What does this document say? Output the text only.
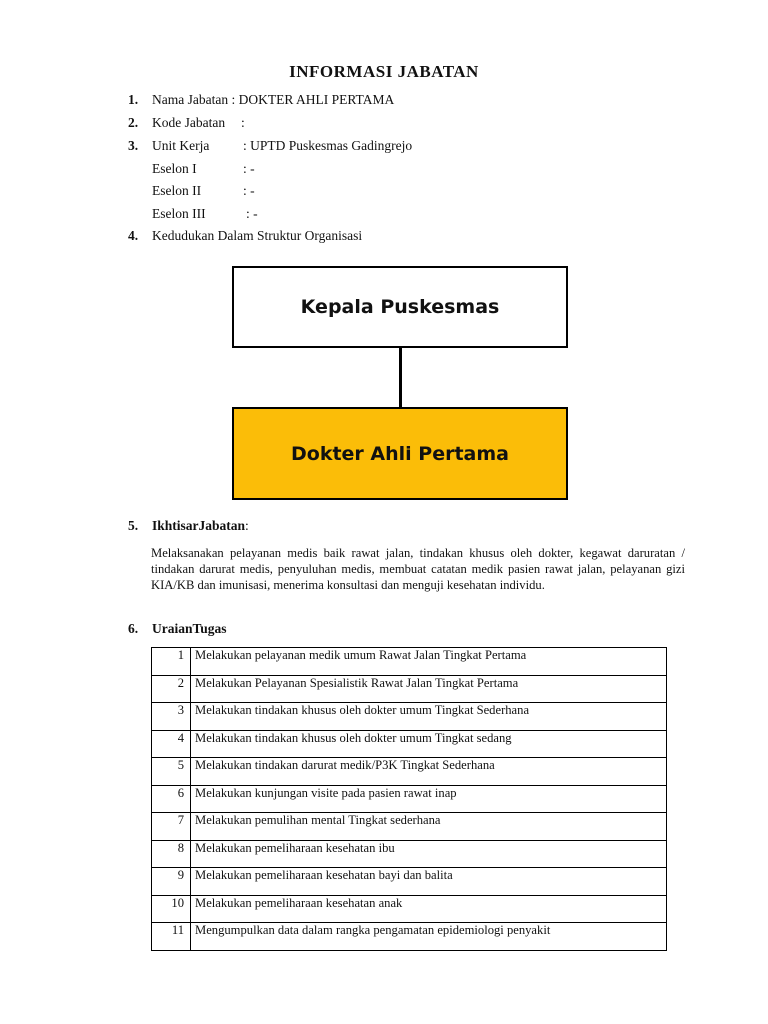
INFORMASI JABATAN
1. Nama Jabatan : DOKTER AHLI PERTAMA
2. Kode Jabatan :
3. Unit Kerja : UPTD Puskesmas Gadingrejo
Eselon I	: -
Eselon II	: -
Eselon III	: -
4. Kedudukan Dalam Struktur Organisasi
Kepala Puskesmas
Dokter Ahli Pertama
5. IkhtisarJabatan:
Melaksanakan pelayanan medis baik rawat jalan, tindakan khusus oleh dokter, kegawat daruratan / tindakan darurat medis, penyuluhan medis, membuat catatan medik pasien rawat jalan, pelayanan gizi KIA/KB dan imunisasi, menerima konsultasi dan menguji kesehatan individu.
6. UraianTugas
1	Melakukan pelayanan medik umum Rawat Jalan Tingkat Pertama
2	Melakukan Pelayanan Spesialistik Rawat Jalan Tingkat Pertama
3	Melakukan tindakan khusus oleh dokter umum Tingkat Sederhana
4	Melakukan tindakan khusus oleh dokter umum Tingkat sedang
5	Melakukan tindakan darurat medik/P3K Tingkat Sederhana
6	Melakukan kunjungan visite pada pasien rawat inap
7	Melakukan pemulihan mental Tingkat sederhana
8	Melakukan pemeliharaan kesehatan ibu
9	Melakukan pemeliharaan kesehatan bayi dan balita
10	Melakukan pemeliharaan kesehatan anak
11	Mengumpulkan data dalam rangka pengamatan epidemiologi penyakit
